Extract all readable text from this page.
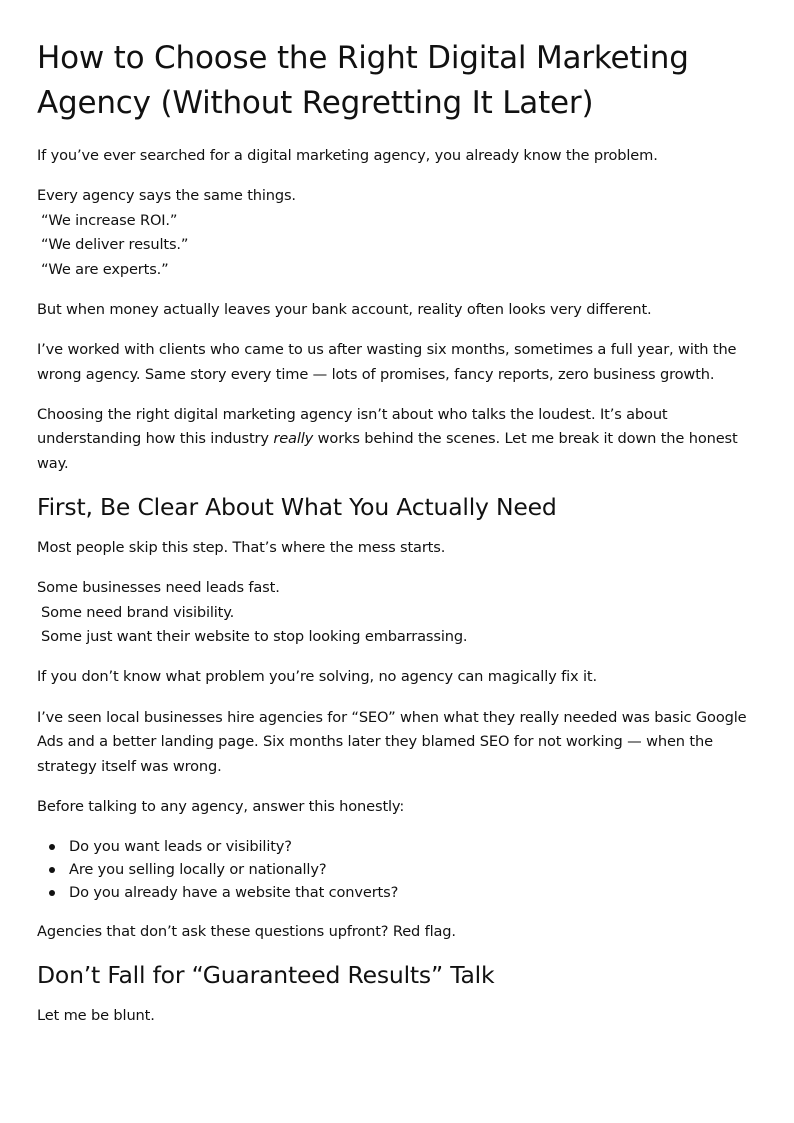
How to Choose the Right Digital Marketing Agency (Without Regretting It Later)

If you’ve ever searched for a digital marketing agency, you already know the problem.

Every agency says the same things.
“We increase ROI.”
“We deliver results.”
“We are experts.”

But when money actually leaves your bank account, reality often looks very different.

I’ve worked with clients who came to us after wasting six months, sometimes a full year, with the wrong agency. Same story every time — lots of promises, fancy reports, zero business growth.

Choosing the right digital marketing agency isn’t about who talks the loudest. It’s about understanding how this industry really works behind the scenes. Let me break it down the honest way.

First, Be Clear About What You Actually Need

Most people skip this step. That’s where the mess starts.

Some businesses need leads fast.
Some need brand visibility.
Some just want their website to stop looking embarrassing.

If you don’t know what problem you’re solving, no agency can magically fix it.

I’ve seen local businesses hire agencies for “SEO” when what they really needed was basic Google Ads and a better landing page. Six months later they blamed SEO for not working — when the strategy itself was wrong.

Before talking to any agency, answer this honestly:

Do you want leads or visibility?
Are you selling locally or nationally?
Do you already have a website that converts?

Agencies that don’t ask these questions upfront? Red flag.

Don’t Fall for “Guaranteed Results” Talk

Let me be blunt.
